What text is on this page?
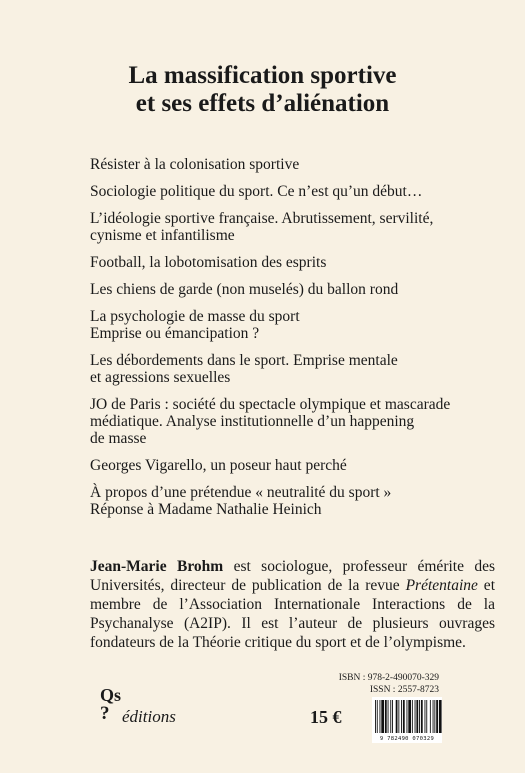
La massification sportive
et ses effets d’aliénation
Résister à la colonisation sportive
Sociologie politique du sport. Ce n’est qu’un début…
L’idéologie sportive française. Abrutissement, servilité,
cynisme et infantilisme
Football, la lobotomisation des esprits
Les chiens de garde (non muselés) du ballon rond
La psychologie de masse du sport
Emprise ou émancipation ?
Les débordements dans le sport. Emprise mentale
et agressions sexuelles
JO de Paris : société du spectacle olympique et mascarade
médiatique. Analyse institutionnelle d’un happening
de masse
Georges Vigarello, un poseur haut perché
À propos d’une prétendue « neutralité du sport »
Réponse à Madame Nathalie Heinich

Jean-Marie Brohm est sociologue, professeur émérite des Universités, directeur de publication de la revue Prétentaine et membre de l’Association Internationale Interactions de la Psychanalyse (A2IP). Il est l’auteur de plusieurs ouvrages fondateurs de la Théorie critique du sport et de l’olympisme.

Qs
? éditions
ISBN : 978-2-490070-329
ISSN : 2557-8723
15 €
9 782490 070329
